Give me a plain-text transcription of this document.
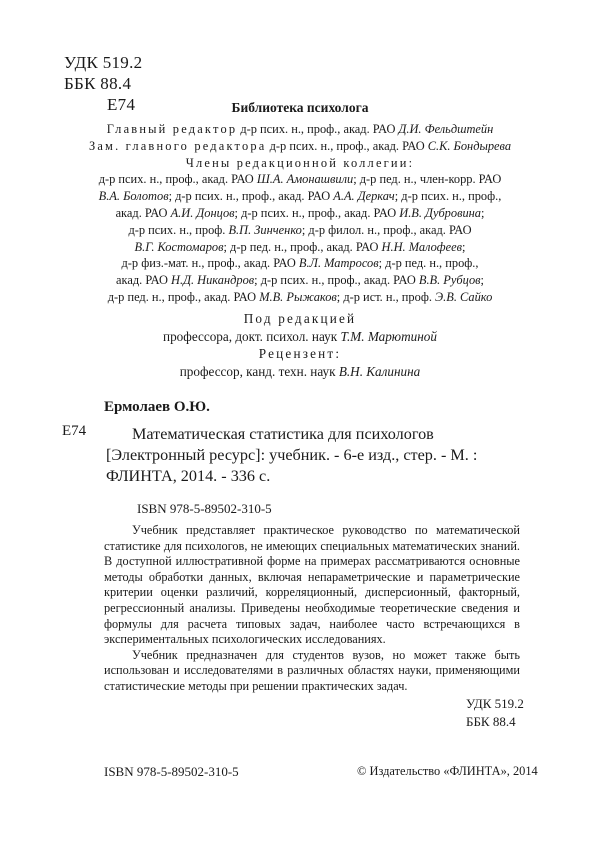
УДК 519.2
ББК 88.4
Е74	Библиотека психолога
Главный редактор д-р псих. н., проф., акад. РАО Д.И. Фельдштейн
Зам. главного редактора д-р псих. н., проф., акад. РАО С.К. Бондырева
Члены редакционной коллегии:
д-р псих. н., проф., акад. РАО Ш.А. Амонашвили; д-р пед. н., член-корр. РАО
В.А. Болотов; д-р псих. н., проф., акад. РАО А.А. Деркач; д-р псих. н., проф.,
акад. РАО А.И. Донцов; д-р псих. н., проф., акад. РАО И.В. Дубровина;
д-р псих. н., проф. В.П. Зинченко; д-р филол. н., проф., акад. РАО
В.Г. Костомаров; д-р пед. н., проф., акад. РАО Н.Н. Малофеев;
д-р физ.-мат. н., проф., акад. РАО В.Л. Матросов; д-р пед. н., проф.,
акад. РАО Н.Д. Никандров; д-р псих. н., проф., акад. РАО В.В. Рубцов;
д-р пед. н., проф., акад. РАО М.В. Рыжаков; д-р ист. н., проф. Э.В. Сайко
Под редакцией
профессора, докт. психол. наук Т.М. Марютиной
Рецензент:
профессор, канд. техн. наук В.Н. Калинина
Ермолаев О.Ю.
Е74	Математическая статистика для психологов
[Электронный ресурс]: учебник. - 6-е изд., стер. - М. :
ФЛИНТА, 2014. - 336 с.
ISBN 978-5-89502-310-5

Учебник представляет практическое руководство по математической статистике для психологов, не имеющих специальных математических знаний. В доступной иллюстративной форме на примерах рассматриваются основные методы обработки данных, включая непараметрические и параметрические критерии оценки различий, корреляционный, дисперсионный, факторный, регрессионный анализы. Приведены необходимые теоретические сведения и формулы для расчета типовых задач, наиболее часто встречающихся в экспериментальных психологических исследованиях.

Учебник предназначен для студентов вузов, но может также быть использован и исследователями в различных областях науки, применяющими статистические методы при решении практических задач.

УДК 519.2
ББК 88.4
ISBN 978-5-89502-310-5	© Издательство «ФЛИНТА», 2014
